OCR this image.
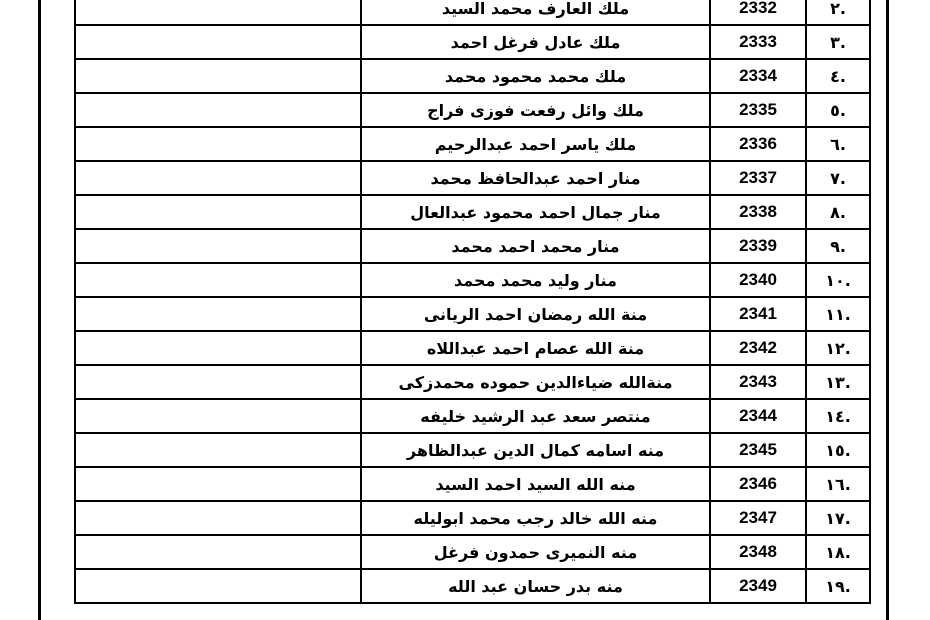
	ملك العارف محمد السيد	2332	.٢
	ملك عادل فرغل احمد	2333	.٣
	ملك محمد محمود محمد	2334	.٤
	ملك وائل رفعت فوزى فراج	2335	.٥
	ملك ياسر احمد عبدالرحيم	2336	.٦
	منار احمد عبدالحافظ محمد	2337	.٧
	منار جمال احمد محمود عبدالعال	2338	.٨
	منار محمد احمد محمد	2339	.٩
	منار وليد محمد محمد	2340	.١٠
	منة الله رمضان احمد الريانى	2341	.١١
	منة الله عصام احمد عبداللاه	2342	.١٢
	منةالله ضياءالدين حموده محمدزكى	2343	.١٣
	منتصر سعد عبد الرشيد خليفه	2344	.١٤
	منه اسامه كمال الدين عبدالظاهر	2345	.١٥
	منه الله السيد احمد السيد	2346	.١٦
	منه الله خالد رجب محمد ابوليله	2347	.١٧
	منه النميرى حمدون فرغل	2348	.١٨
	منه بدر حسان عبد الله	2349	.١٩
